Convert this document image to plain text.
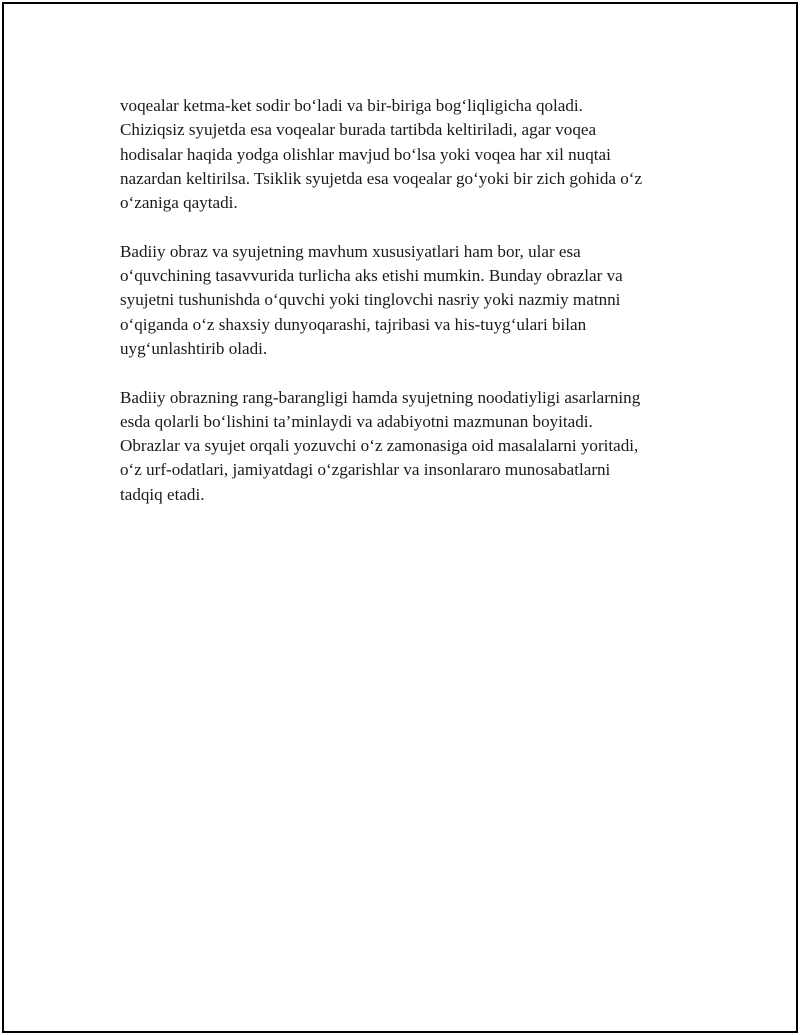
voqealar ketma-ket sodir bo‘ladi va bir-biriga bog‘liqligicha qoladi.
Chiziqsiz syujetda esa voqealar burada tartibda keltiriladi, agar voqea
hodisalar haqida yodga olishlar mavjud bo‘lsa yoki voqea har xil nuqtai
nazardan keltirilsa. Tsiklik syujetda esa voqealar go‘yoki bir zich gohida o‘z
o‘zaniga qaytadi.

Badiiy obraz va syujetning mavhum xususiyatlari ham bor, ular esa
o‘quvchining tasavvurida turlicha aks etishi mumkin. Bunday obrazlar va
syujetni tushunishda o‘quvchi yoki tinglovchi nasriy yoki nazmiy matnni
o‘qiganda o‘z shaxsiy dunyoqarashi, tajribasi va his-tuyg‘ulari bilan
uyg‘unlashtirib oladi.

Badiiy obrazning rang-barangligi hamda syujetning noodatiyligi asarlarning
esda qolarli bo‘lishini ta’minlaydi va adabiyotni mazmunan boyitadi.
Obrazlar va syujet orqali yozuvchi o‘z zamonasiga oid masalalarni yoritadi,
o‘z urf-odatlari, jamiyatdagi o‘zgarishlar va insonlararo munosabatlarni
tadqiq etadi.
